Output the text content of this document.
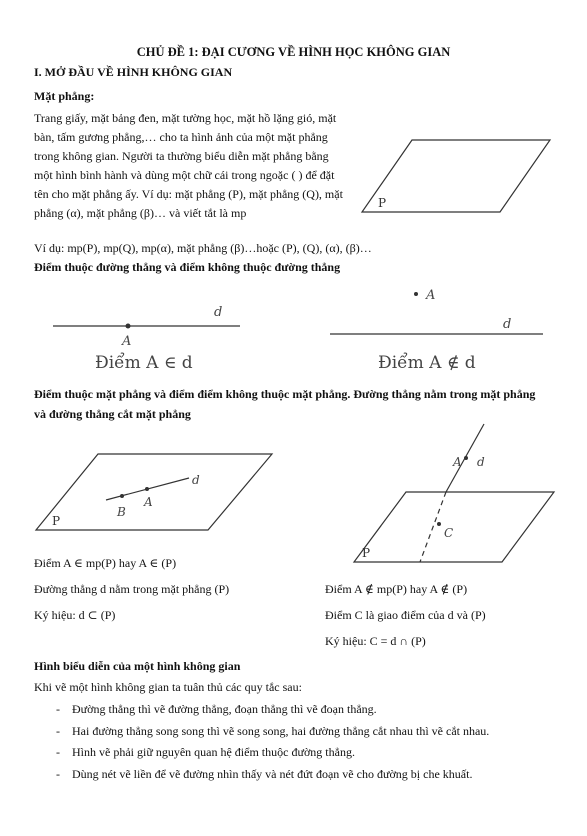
CHỦ ĐỀ 1: ĐẠI CƯƠNG VỀ HÌNH HỌC KHÔNG GIAN
I. MỞ ĐẦU VỀ HÌNH KHÔNG GIAN
Mặt phẳng:
Trang giấy, mặt bảng đen, mặt tường học, mặt hồ lặng gió, mặt
bàn, tấm gương phẳng,… cho ta hình ảnh của một mặt phẳng
trong không gian. Người ta thường biểu diễn mặt phẳng bằng
một hình bình hành và dùng một chữ cái trong ngoặc ( ) để đặt
tên cho mặt phẳng ấy. Ví dụ: mặt phẳng (P), mặt phẳng (Q), mặt
phẳng (α), mặt phẳng (β)… và viết tắt là mp
Ví dụ: mp(P), mp(Q), mp(α), mặt phẳng (β)…hoặc (P), (Q), (α), (β)…
P
Điểm thuộc đường thẳng và điểm không thuộc đường thẳng
d
A
Điểm A ∈ d
A
d
Điểm A ∉ d
Điểm thuộc mặt phẳng và điểm điểm không thuộc mặt phẳng. Đường thẳng nằm trong mặt phẳng
và đường thẳng cắt mặt phẳng
d
A
B
P
A d
C
P
Điểm A ∈ mp(P) hay A ∈ (P)
Đường thẳng d nằm trong mặt phẳng (P)
Ký hiệu: d ⊂ (P)
Điểm A ∉ mp(P) hay A ∉ (P)
Điểm C là giao điểm của d và (P)
Ký hiệu: C = d ∩ (P)
Hình biểu diễn của một hình không gian
Khi vẽ một hình không gian ta tuân thủ các quy tắc sau:
- Đường thẳng thì vẽ đường thẳng, đoạn thẳng thì vẽ đoạn thẳng.
- Hai đường thẳng song song thì vẽ song song, hai đường thẳng cắt nhau thì vẽ cắt nhau.
- Hình vẽ phải giữ nguyên quan hệ điểm thuộc đường thẳng.
- Dùng nét vẽ liền để vẽ đường nhìn thấy và nét đứt đoạn vẽ cho đường bị che khuất.
